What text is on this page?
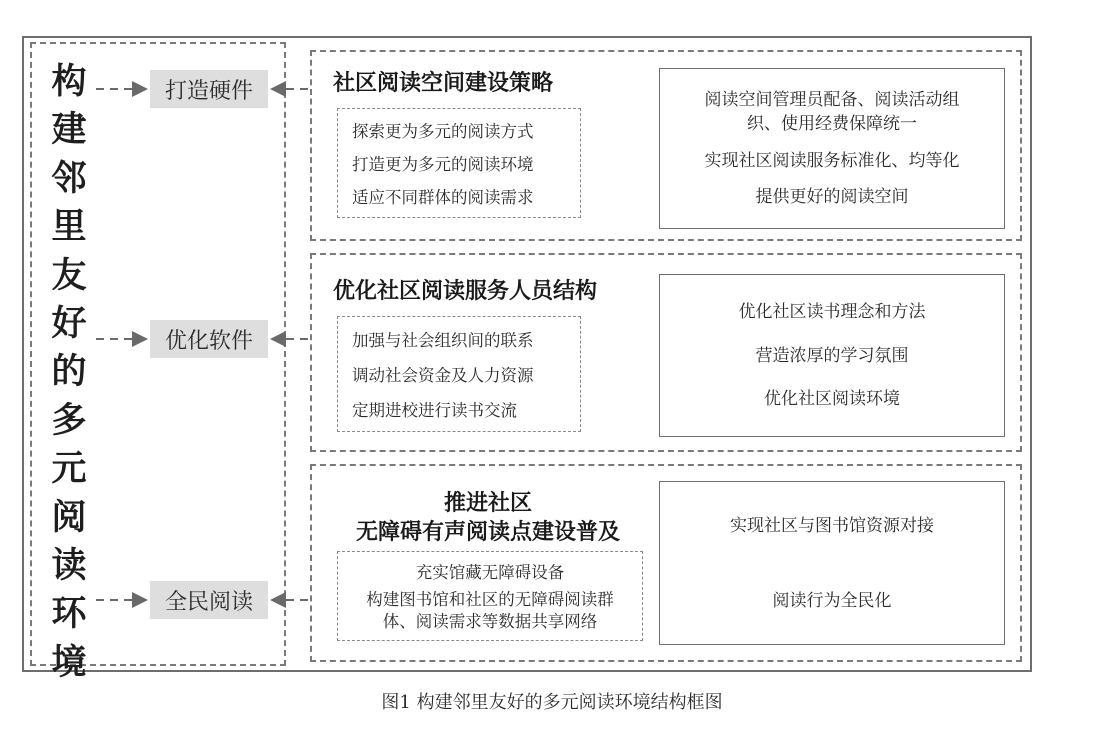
构
建
邻
里
友
好
的
多
元
阅
读
环
境
打造硬件
优化软件
全民阅读
社区阅读空间建设策略
探索更为多元的阅读方式
打造更为多元的阅读环境
适应不同群体的阅读需求
阅读空间管理员配备、阅读活动组织、使用经费保障统一
实现社区阅读服务标准化、均等化
提供更好的阅读空间
优化社区阅读服务人员结构
加强与社会组织间的联系
调动社会资金及人力资源
定期进校进行读书交流
优化社区读书理念和方法
营造浓厚的学习氛围
优化社区阅读环境
推进社区
无障碍有声阅读点建设普及
充实馆藏无障碍设备
构建图书馆和社区的无障碍阅读群体、阅读需求等数据共享网络
实现社区与图书馆资源对接
阅读行为全民化
图1 构建邻里友好的多元阅读环境结构框图
